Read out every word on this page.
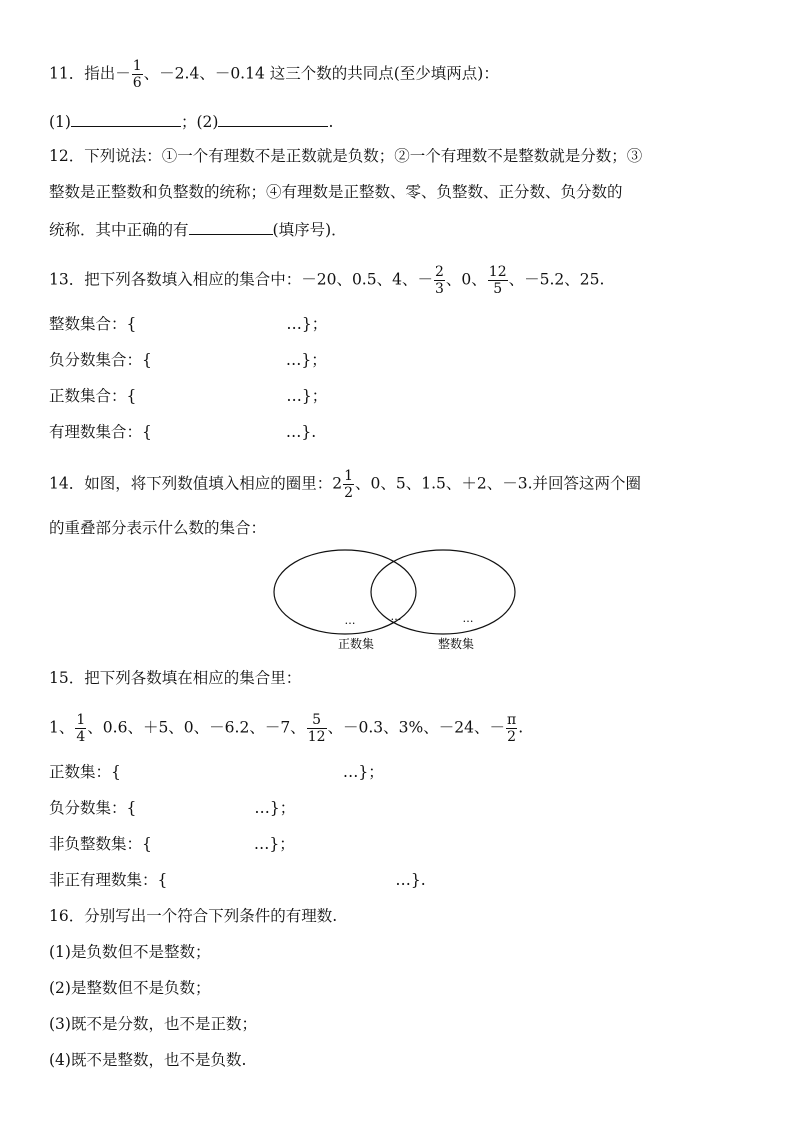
11．指出－ $\frac{1}{6}$ 、－2.4、－0.14 这三个数的共同点(至少填两点)：
(1)	；(2)	.
12．下列说法：①一个有理数不是正数就是负数；②一个有理数不是整数就是分数；③
整数是正整数和负整数的统称；④有理数是正整数、零、负整数、正分数、负分数的
统称．其中正确的有	(填序号)．
13．把下列各数填入相应的集合中：－20、0.5、4、－ $\frac{2}{3}$ 、0、 $\frac{12}{5}$ 、－5.2、25.
整数集合：{	…}；
负分数集合：{	…}；
正数集合：{	…}；
有理数集合：{	…}.
14．如图，将下列数值填入相应的圈里：$2 \frac{1}{2}$ 、0、5、1.5、＋2、－3.并回答这两个圈
的重叠部分表示什么数的集合：
…	…	…
正数集	整数集
15．把下列各数填在相应的集合里：
1、 $\frac{1}{4}$ 、0.6、＋5、0、－6.2、－7、 $\frac{5}{12}$ 、－0.3、3%、－24、－ $\frac{\pi}{2}$ .
正数集：{	…}；
负分数集：{	…}；
非负整数集：{	…}；
非正有理数集：{	…}.
16．分别写出一个符合下列条件的有理数.
(1)是负数但不是整数；
(2)是整数但不是负数；
(3)既不是分数，也不是正数；
(4)既不是整数，也不是负数.
